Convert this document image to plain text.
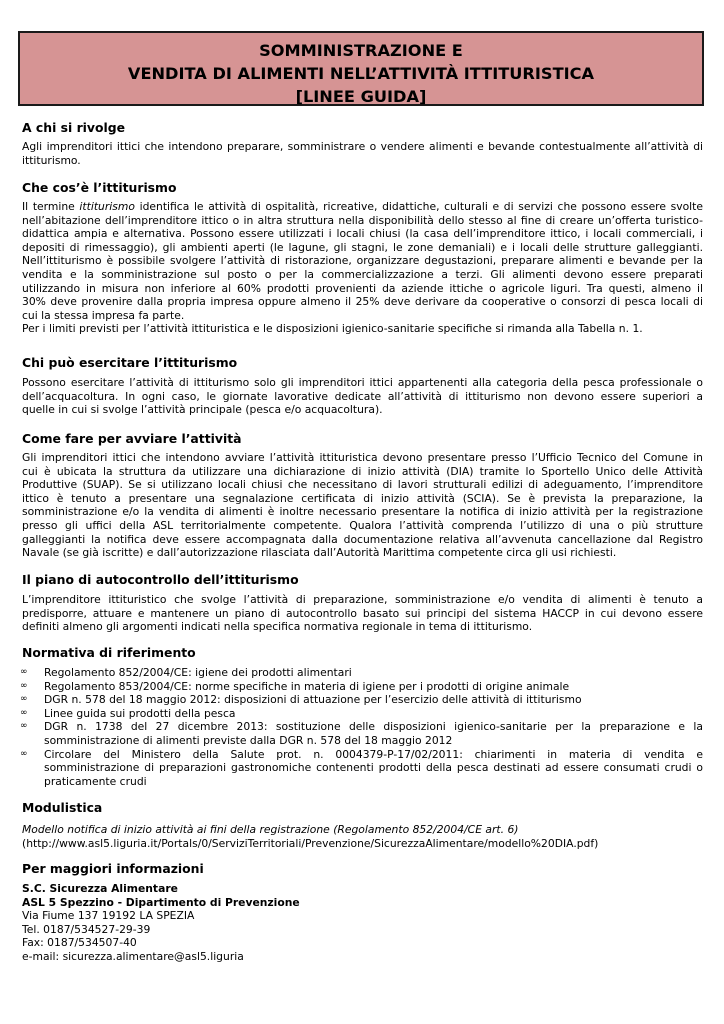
SOMMINISTRAZIONE E
VENDITA DI ALIMENTI NELL’ATTIVITÀ ITTITURISTICA
[LINEE GUIDA]
A chi si rivolge
Agli imprenditori ittici che intendono preparare, somministrare o vendere alimenti e bevande contestualmente all’attività di
ittiturismo.
Che cos’è l’ittiturismo
Il termine ittiturismo identifica le attività di ospitalità, ricreative, didattiche, culturali e di servizi che possono essere svolte
nell’abitazione dell’imprenditore ittico o in altra struttura nella disponibilità dello stesso al fine di creare un’offerta turistico-
didattica ampia e alternativa. Possono essere utilizzati i locali chiusi (la casa dell’imprenditore ittico, i locali commerciali, i
depositi di rimessaggio), gli ambienti aperti (le lagune, gli stagni, le zone demaniali) e i locali delle strutture galleggianti.
Nell’ittiturismo è possibile svolgere l’attività di ristorazione, organizzare degustazioni, preparare alimenti e bevande per la
vendita e la somministrazione sul posto o per la commercializzazione a terzi. Gli alimenti devono essere preparati
utilizzando in misura non inferiore al 60% prodotti provenienti da aziende ittiche o agricole liguri. Tra questi, almeno il
30% deve provenire dalla propria impresa oppure almeno il 25% deve derivare da cooperative o consorzi di pesca locali di
cui la stessa impresa fa parte.
Per i limiti previsti per l’attività ittituristica e le disposizioni igienico-sanitarie specifiche si rimanda alla Tabella n. 1.
Chi può esercitare l’ittiturismo
Possono esercitare l’attività di ittiturismo solo gli imprenditori ittici appartenenti alla categoria della pesca professionale o
dell’acquacoltura. In ogni caso, le giornate lavorative dedicate all’attività di ittiturismo non devono essere superiori a
quelle in cui si svolge l’attività principale (pesca e/o acquacoltura).
Come fare per avviare l’attività
Gli imprenditori ittici che intendono avviare l’attività ittituristica devono presentare presso l’Ufficio Tecnico del Comune in
cui è ubicata la struttura da utilizzare una dichiarazione di inizio attività (DIA) tramite lo Sportello Unico delle Attività
Produttive (SUAP). Se si utilizzano locali chiusi che necessitano di lavori strutturali edilizi di adeguamento, l’imprenditore
ittico è tenuto a presentare una segnalazione certificata di inizio attività (SCIA). Se è prevista la preparazione, la
somministrazione e/o la vendita di alimenti è inoltre necessario presentare la notifica di inizio attività per la registrazione
presso gli uffici della ASL territorialmente competente. Qualora l’attività comprenda l’utilizzo di una o più strutture
galleggianti la notifica deve essere accompagnata dalla documentazione relativa all’avvenuta cancellazione dal Registro
Navale (se già iscritte) e dall’autorizzazione rilasciata dall’Autorità Marittima competente circa gli usi richiesti.
Il piano di autocontrollo dell’ittiturismo
L’imprenditore ittituristico che svolge l’attività di preparazione, somministrazione e/o vendita di alimenti è tenuto a
predisporre, attuare e mantenere un piano di autocontrollo basato sui principi del sistema HACCP in cui devono essere
definiti almeno gli argomenti indicati nella specifica normativa regionale in tema di ittiturismo.
Normativa di riferimento
∞ Regolamento 852/2004/CE: igiene dei prodotti alimentari
∞ Regolamento 853/2004/CE: norme specifiche in materia di igiene per i prodotti di origine animale
∞ DGR n. 578 del 18 maggio 2012: disposizioni di attuazione per l’esercizio delle attività di ittiturismo
∞ Linee guida sui prodotti della pesca
∞ DGR n. 1738 del 27 dicembre 2013: sostituzione delle disposizioni igienico-sanitarie per la preparazione e la
somministrazione di alimenti previste dalla DGR n. 578 del 18 maggio 2012
∞ Circolare del Ministero della Salute prot. n. 0004379-P-17/02/2011: chiarimenti in materia di vendita e
somministrazione di preparazioni gastronomiche contenenti prodotti della pesca destinati ad essere consumati crudi o
praticamente crudi
Modulistica
Modello notifica di inizio attività ai fini della registrazione (Regolamento 852/2004/CE art. 6)
(http://www.asl5.liguria.it/Portals/0/ServiziTerritoriali/Prevenzione/SicurezzaAlimentare/modello%20DIA.pdf)
Per maggiori informazioni
S.C. Sicurezza Alimentare
ASL 5 Spezzino - Dipartimento di Prevenzione
Via Fiume 137 19192 LA SPEZIA
Tel. 0187/534527-29-39
Fax: 0187/534507-40
e-mail: sicurezza.alimentare@asl5.liguria
